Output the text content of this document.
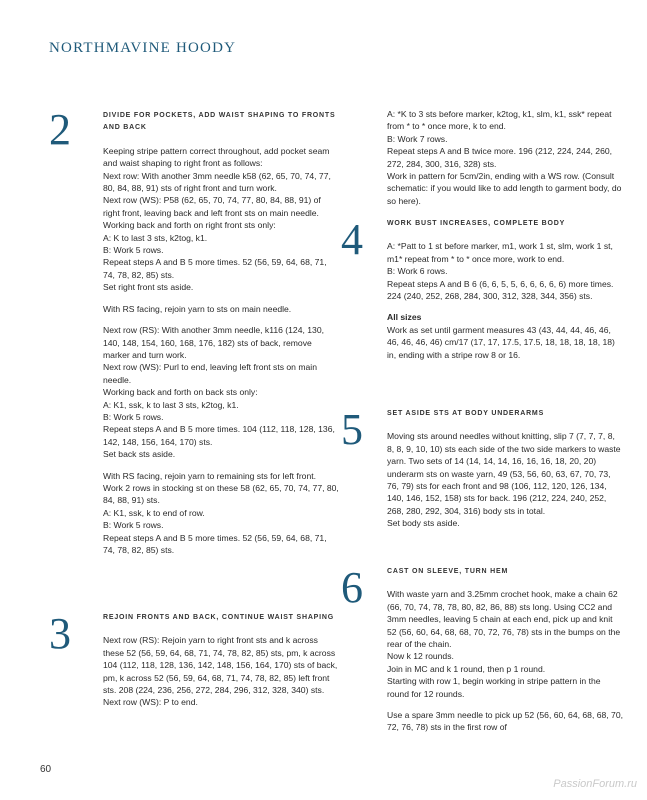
NORTHMAVINE HOODY
2	DIVIDE FOR POCKETS, ADD WAIST SHAPING TO FRONTS AND BACK

Keeping stripe pattern correct throughout, add pocket seam and waist shaping to right front as follows:
Next row: With another 3mm needle k58 (62, 65, 70, 74, 77, 80, 84, 88, 91) sts of right front and turn work.
Next row (WS): P58 (62, 65, 70, 74, 77, 80, 84, 88, 91) of right front, leaving back and left front sts on main needle.
Working back and forth on right front sts only:
A: K to last 3 sts, k2tog, k1.
B: Work 5 rows.
Repeat steps A and B 5 more times. 52 (56, 59, 64, 68, 71, 74, 78, 82, 85) sts.
Set right front sts aside.

With RS facing, rejoin yarn to sts on main needle.

Next row (RS): With another 3mm needle, k116 (124, 130, 140, 148, 154, 160, 168, 176, 182) sts of back, remove marker and turn work.
Next row (WS): Purl to end, leaving left front sts on main needle.
Working back and forth on back sts only:
A: K1, ssk, k to last 3 sts, k2tog, k1.
B: Work 5 rows.
Repeat steps A and B 5 more times. 104 (112, 118, 128, 136, 142, 148, 156, 164, 170) sts.
Set back sts aside.

With RS facing, rejoin yarn to remaining sts for left front.
Work 2 rows in stocking st on these 58 (62, 65, 70, 74, 77, 80, 84, 88, 91) sts.
A: K1, ssk, k to end of row.
B: Work 5 rows.
Repeat steps A and B 5 more times. 52 (56, 59, 64, 68, 71, 74, 78, 82, 85) sts.

3	REJOIN FRONTS AND BACK, CONTINUE WAIST SHAPING

Next row (RS): Rejoin yarn to right front sts and k across these 52 (56, 59, 64, 68, 71, 74, 78, 82, 85) sts, pm, k across 104 (112, 118, 128, 136, 142, 148, 156, 164, 170) sts of back, pm, k across 52 (56, 59, 64, 68, 71, 74, 78, 82, 85) left front sts. 208 (224, 236, 256, 272, 284, 296, 312, 328, 340) sts.
Next row (WS): P to end.

A: *K to 3 sts before marker, k2tog, k1, slm, k1, ssk* repeat from * to * once more, k to end.
B: Work 7 rows.
Repeat steps A and B twice more. 196 (212, 224, 244, 260, 272, 284, 300, 316, 328) sts.
Work in pattern for 5cm/2in, ending with a WS row. (Consult schematic: if you would like to add length to garment body, do so here).

4	WORK BUST INCREASES, COMPLETE BODY

A: *Patt to 1 st before marker, m1, work 1 st, slm, work 1 st, m1* repeat from * to * once more, work to end.
B: Work 6 rows.
Repeat steps A and B 6 (6, 6, 5, 5, 6, 6, 6, 6, 6) more times. 224 (240, 252, 268, 284, 300, 312, 328, 344, 356) sts.

All sizes

Work as set until garment measures 43 (43, 44, 44, 46, 46, 46, 46, 46, 46) cm/17 (17, 17, 17.5, 17.5, 18, 18, 18, 18, 18) in, ending with a stripe row 8 or 16.

5	SET ASIDE STS AT BODY UNDERARMS

Moving sts around needles without knitting, slip 7 (7, 7, 7, 8, 8, 8, 9, 10, 10) sts each side of the two side markers to waste yarn. Two sets of 14 (14, 14, 14, 16, 16, 16, 18, 20, 20) underarm sts on waste yarn, 49 (53, 56, 60, 63, 67, 70, 73, 76, 79) sts for each front and 98 (106, 112, 120, 126, 134, 140, 146, 152, 158) sts for back. 196 (212, 224, 240, 252, 268, 280, 292, 304, 316) body sts in total.
Set body sts aside.

6	CAST ON SLEEVE, TURN HEM

With waste yarn and 3.25mm crochet hook, make a chain 62 (66, 70, 74, 78, 78, 80, 82, 86, 88) sts long. Using CC2 and 3mm needles, leaving 5 chain at each end, pick up and knit 52 (56, 60, 64, 68, 68, 70, 72, 76, 78) sts in the bumps on the rear of the chain.
Now k 12 rounds.
Join in MC and k 1 round, then p 1 round.
Starting with row 1, begin working in stripe pattern in the round for 12 rounds.

Use a spare 3mm needle to pick up 52 (56, 60, 64, 68, 68, 70, 72, 76, 78) sts in the first row of

60
PassionForum.ru
